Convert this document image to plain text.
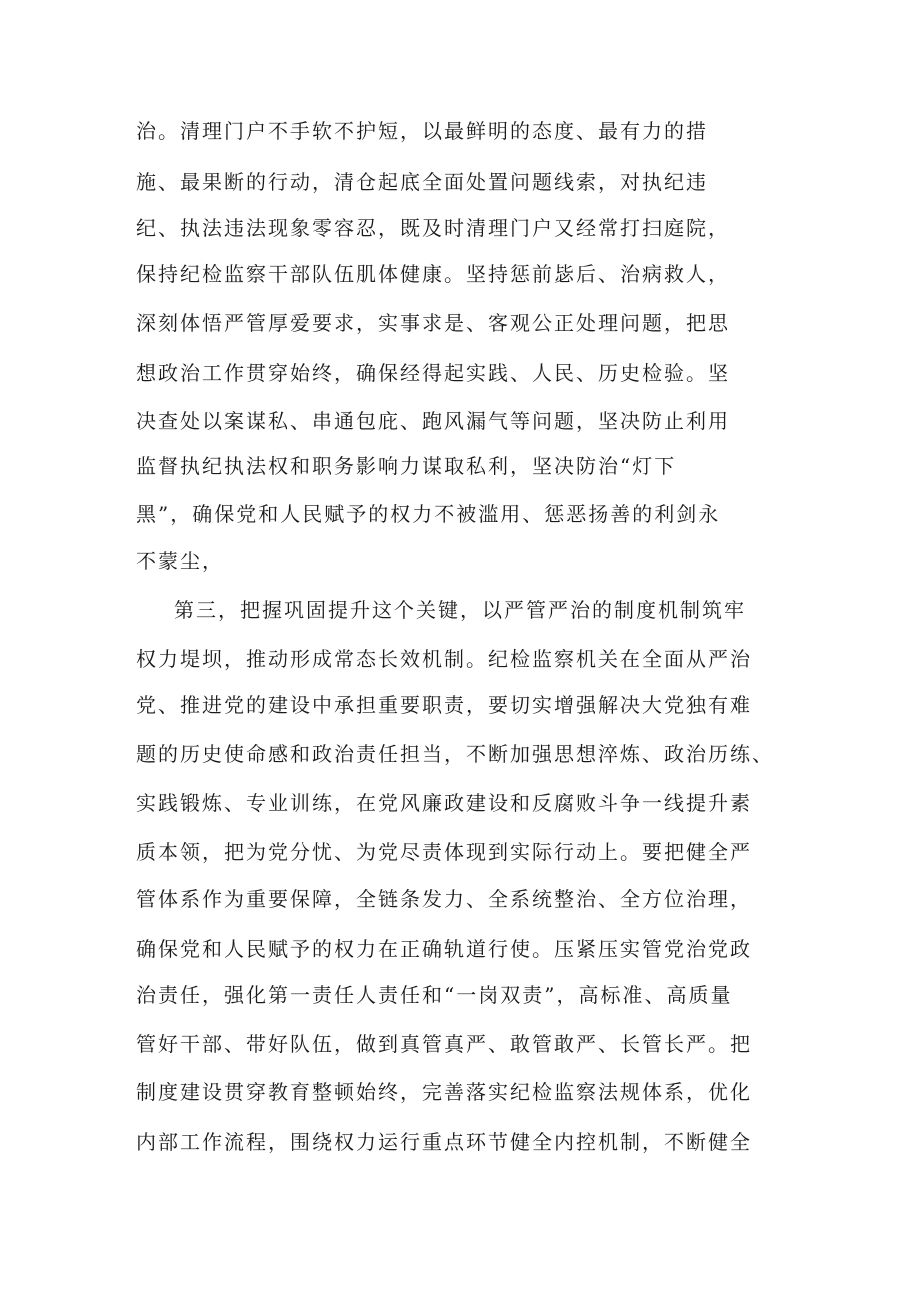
治。清理门户不手软不护短，以最鲜明的态度、最有力的措
施、最果断的行动，清仓起底全面处置问题线索，对执纪违
纪、执法违法现象零容忍，既及时清理门户又经常打扫庭院，
保持纪检监察干部队伍肌体健康。坚持惩前毖后、治病救人，
深刻体悟严管厚爱要求，实事求是、客观公正处理问题，把思
想政治工作贯穿始终，确保经得起实践、人民、历史检验。坚
决查处以案谋私、串通包庇、跑风漏气等问题，坚决防止利用
监督执纪执法权和职务影响力谋取私利，坚决防治“灯下
黑”，确保党和人民赋予的权力不被滥用、惩恶扬善的利剑永
不蒙尘，
第三，把握巩固提升这个关键，以严管严治的制度机制筑牢
权力堤坝，推动形成常态长效机制。纪检监察机关在全面从严治
党、推进党的建设中承担重要职责，要切实增强解决大党独有难
题的历史使命感和政治责任担当，不断加强思想淬炼、政治历练、
实践锻炼、专业训练，在党风廉政建设和反腐败斗争一线提升素
质本领，把为党分忧、为党尽责体现到实际行动上。要把健全严
管体系作为重要保障，全链条发力、全系统整治、全方位治理，
确保党和人民赋予的权力在正确轨道行使。压紧压实管党治党政
治责任，强化第一责任人责任和“一岗双责”，高标准、高质量
管好干部、带好队伍，做到真管真严、敢管敢严、长管长严。把
制度建设贯穿教育整顿始终，完善落实纪检监察法规体系，优化
内部工作流程，围绕权力运行重点环节健全内控机制，不断健全
